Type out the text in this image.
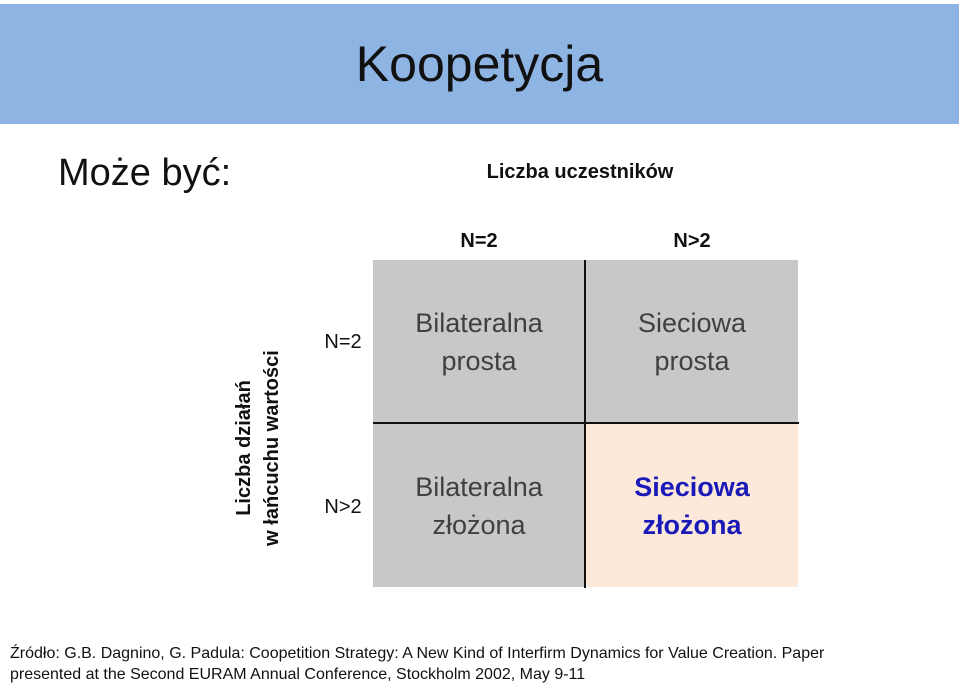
Koopetycja
Może być:	Liczba uczestników
N=2	N>2
Liczba działań w łańcuchu wartości
N=2
N>2
Bilateralna
prosta
Sieciowa
prosta
Bilateralna
złożona
Sieciowa
złożona
Źródło: G.B. Dagnino, G. Padula: Coopetition Strategy: A New Kind of Interfirm Dynamics for Value Creation. Paper
presented at the Second EURAM Annual Conference, Stockholm 2002, May 9-11
